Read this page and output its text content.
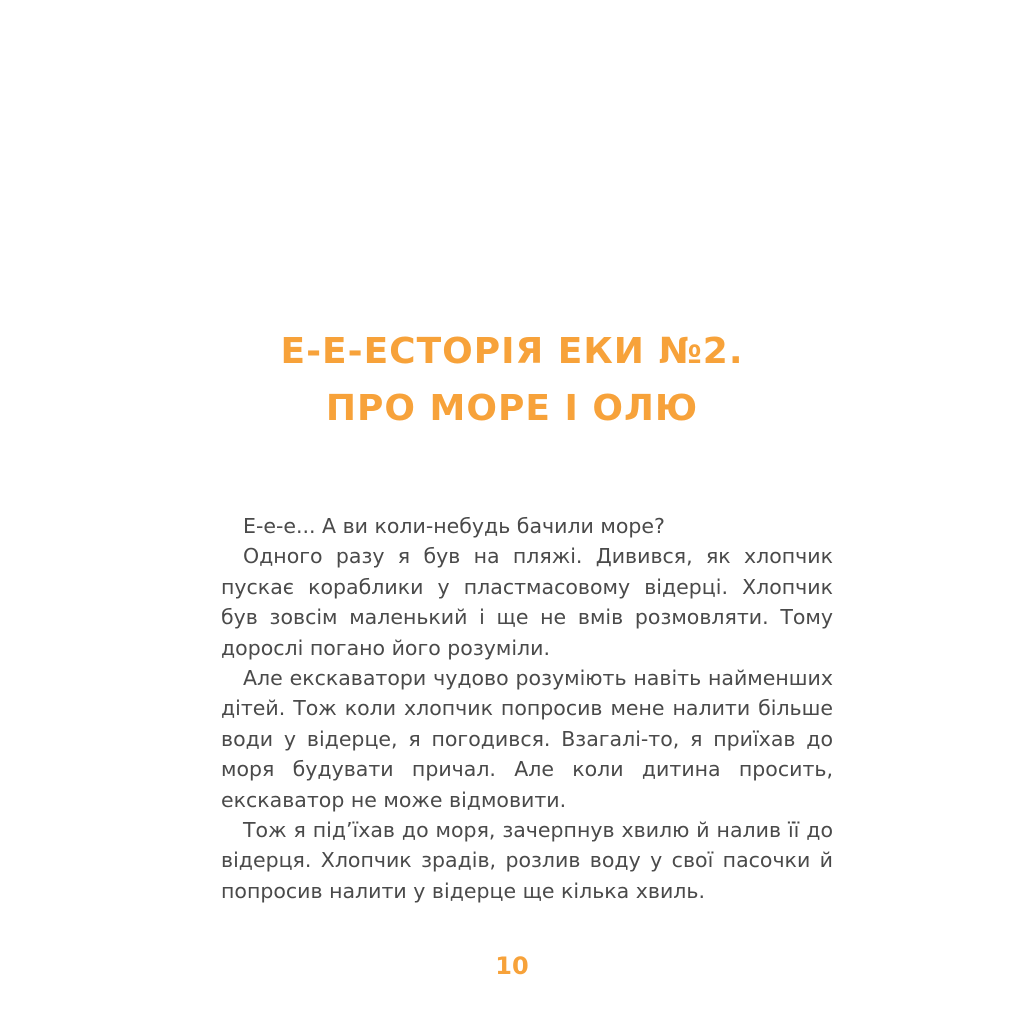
Е-Е-ЕСТОРІЯ ЕКИ №2.
ПРО МОРЕ І ОЛЮ

Е-е-е... А ви коли-небудь бачили море?

Одного разу я був на пляжі. Дивився, як хлопчик пускає кораблики у пластмасовому відерці. Хлопчик був зовсім маленький і ще не вмів розмовляти. Тому дорослі погано його розуміли.

Але екскаватори чудово розуміють навіть найменших дітей. Тож коли хлопчик попросив мене налити більше води у відерце, я погодився. Взагалі-то, я приїхав до моря будувати причал. Але коли дитина просить, екскаватор не може відмовити.

Тож я під’їхав до моря, зачерпнув хвилю й налив її до відерця. Хлопчик зрадів, розлив воду у свої пасочки й попросив налити у відерце ще кілька хвиль.

10
